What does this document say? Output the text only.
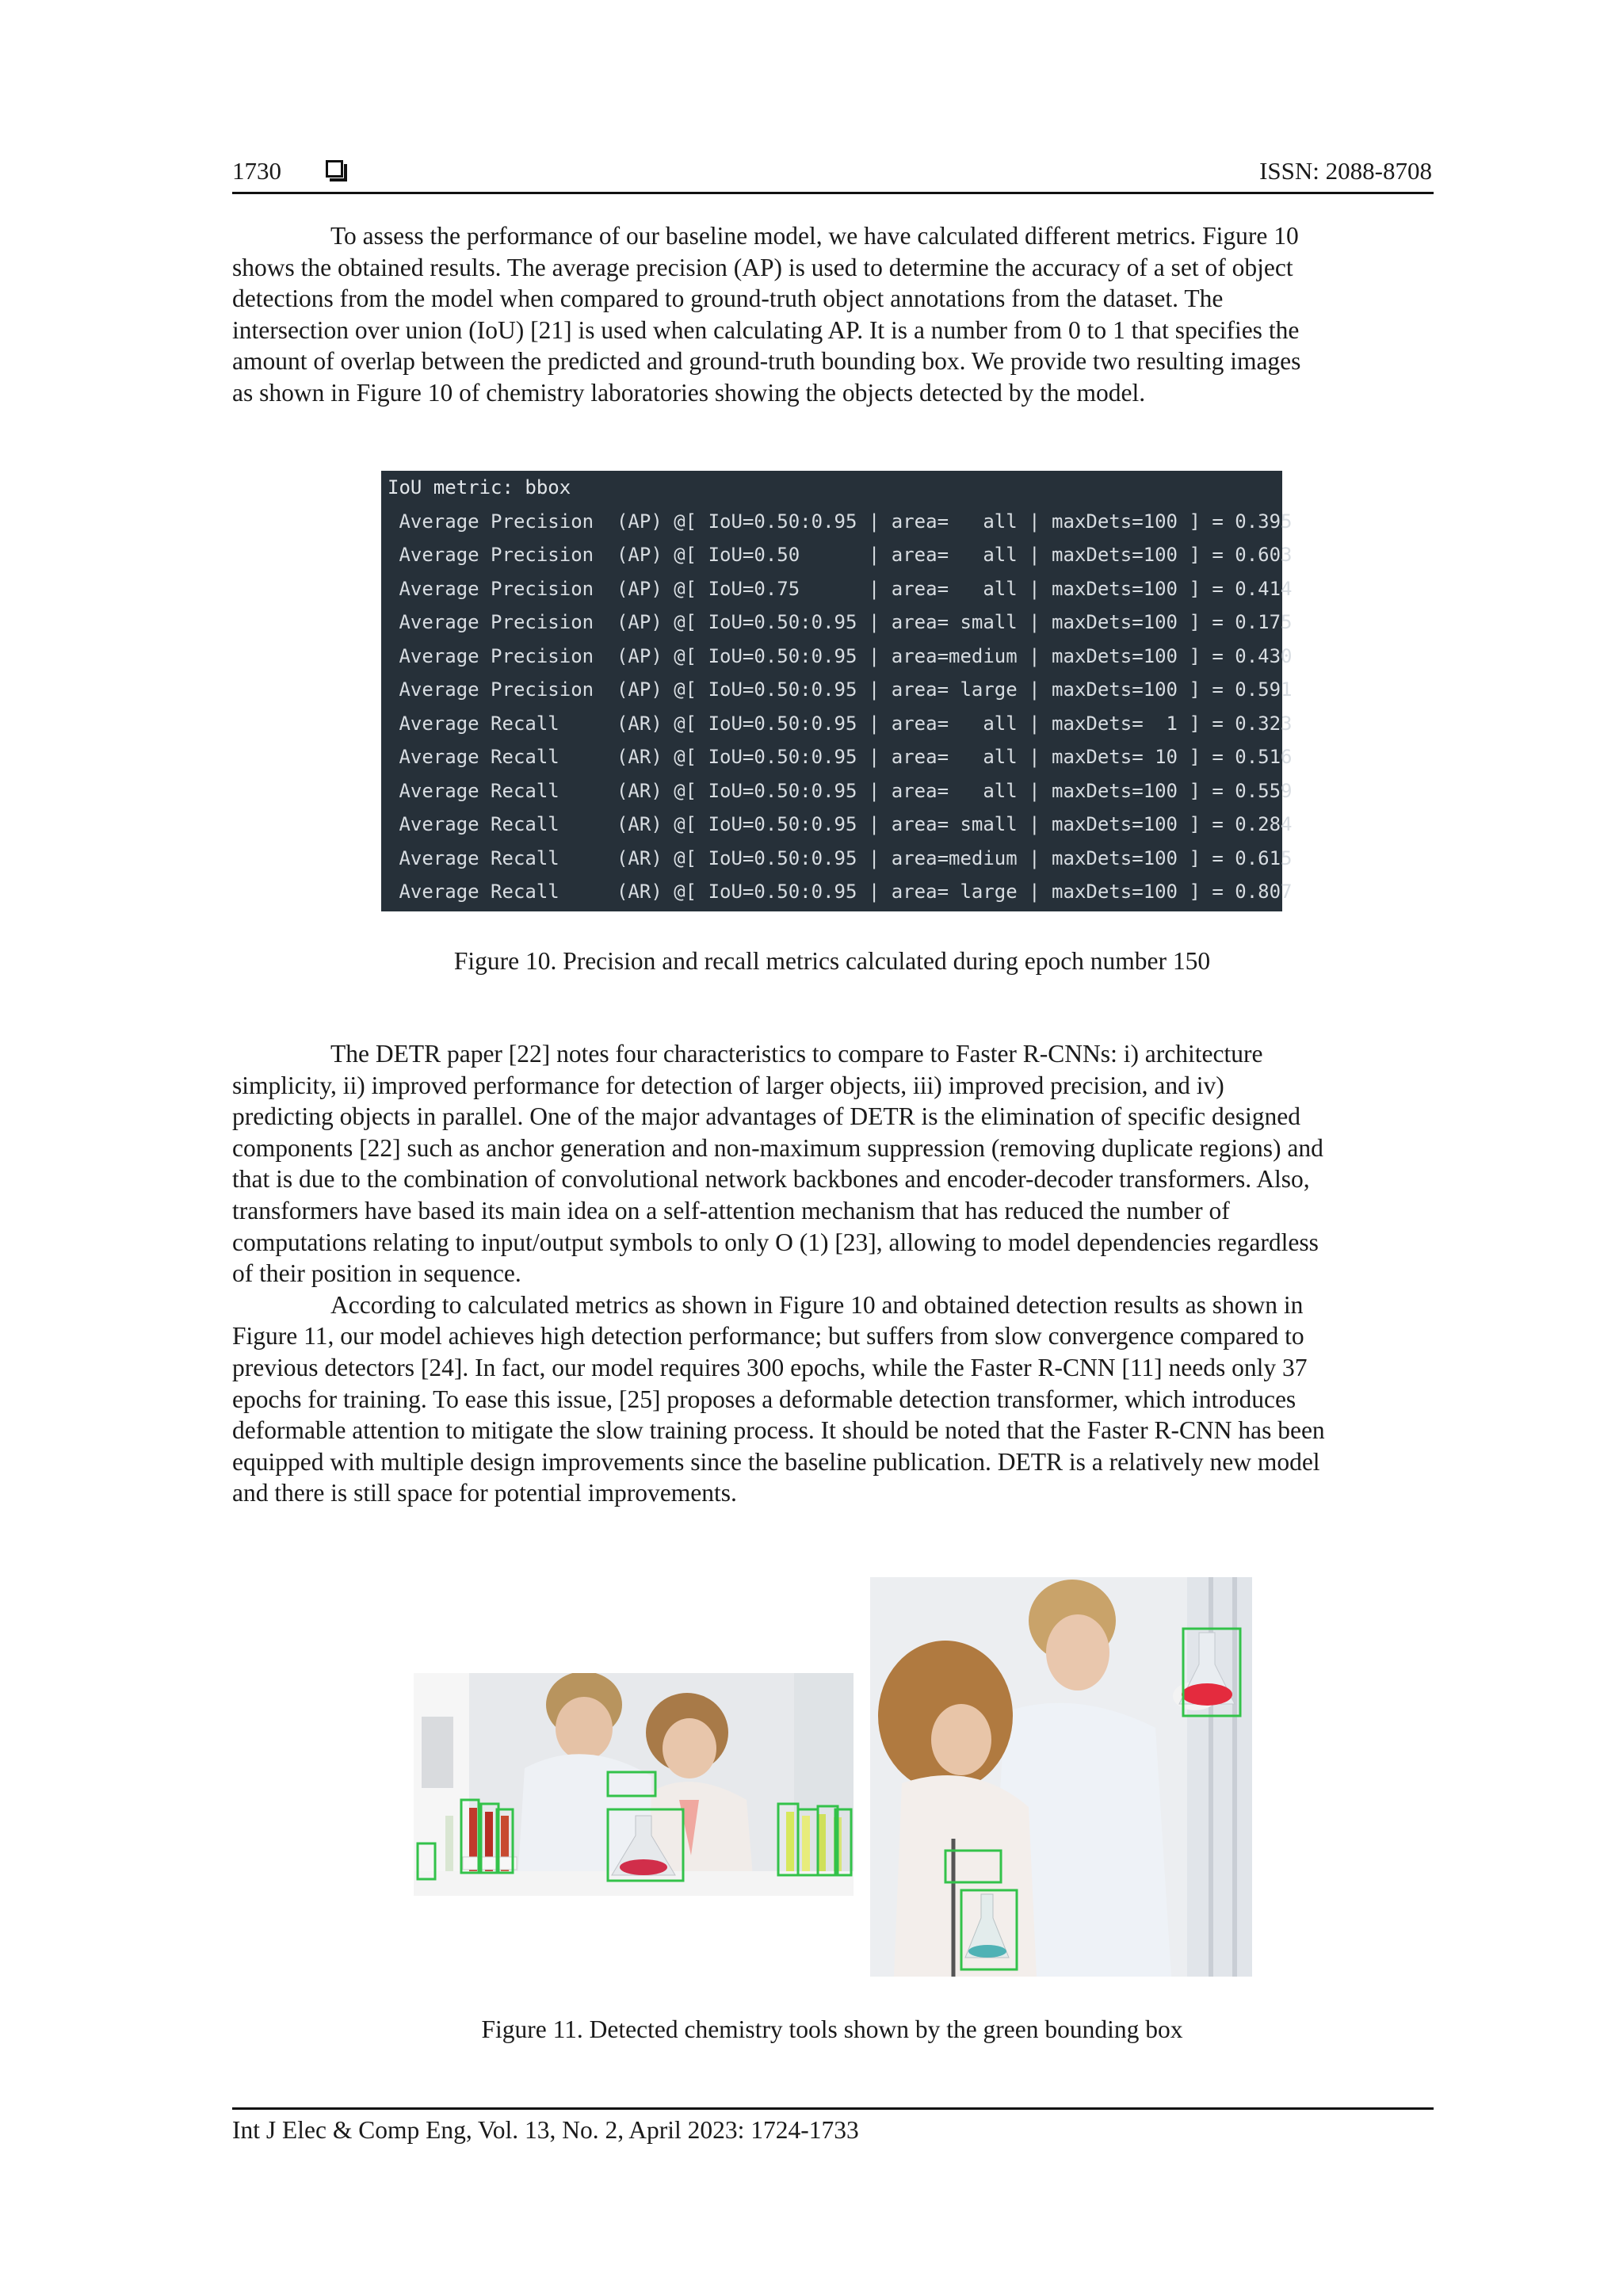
1730	ISSN: 2088-8708
To assess the performance of our baseline model, we have calculated different metrics. Figure 10
shows the obtained results. The average precision (AP) is used to determine the accuracy of a set of object
detections from the model when compared to ground-truth object annotations from the dataset. The
intersection over union (IoU) [21] is used when calculating AP. It is a number from 0 to 1 that specifies the
amount of overlap between the predicted and ground-truth bounding box. We provide two resulting images
as shown in Figure 10 of chemistry laboratories showing the objects detected by the model.
IoU metric: bbox
Average Precision  (AP) @[ IoU=0.50:0.95 | area=   all | maxDets=100 ] = 0.395
Average Precision  (AP) @[ IoU=0.50      | area=   all | maxDets=100 ] = 0.603
Average Precision  (AP) @[ IoU=0.75      | area=   all | maxDets=100 ] = 0.414
Average Precision  (AP) @[ IoU=0.50:0.95 | area= small | maxDets=100 ] = 0.175
Average Precision  (AP) @[ IoU=0.50:0.95 | area=medium | maxDets=100 ] = 0.430
Average Precision  (AP) @[ IoU=0.50:0.95 | area= large | maxDets=100 ] = 0.591
Average Recall     (AR) @[ IoU=0.50:0.95 | area=   all | maxDets=  1 ] = 0.323
Average Recall     (AR) @[ IoU=0.50:0.95 | area=   all | maxDets= 10 ] = 0.516
Average Recall     (AR) @[ IoU=0.50:0.95 | area=   all | maxDets=100 ] = 0.559
Average Recall     (AR) @[ IoU=0.50:0.95 | area= small | maxDets=100 ] = 0.284
Average Recall     (AR) @[ IoU=0.50:0.95 | area=medium | maxDets=100 ] = 0.615
Average Recall     (AR) @[ IoU=0.50:0.95 | area= large | maxDets=100 ] = 0.807
Figure 10. Precision and recall metrics calculated during epoch number 150
The DETR paper [22] notes four characteristics to compare to Faster R-CNNs: i) architecture
simplicity, ii) improved performance for detection of larger objects, iii) improved precision, and iv)
predicting objects in parallel. One of the major advantages of DETR is the elimination of specific designed
components [22] such as anchor generation and non-maximum suppression (removing duplicate regions) and
that is due to the combination of convolutional network backbones and encoder-decoder transformers. Also,
transformers have based its main idea on a self-attention mechanism that has reduced the number of
computations relating to input/output symbols to only O (1) [23], allowing to model dependencies regardless
of their position in sequence.
According to calculated metrics as shown in Figure 10 and obtained detection results as shown in
Figure 11, our model achieves high detection performance; but suffers from slow convergence compared to
previous detectors [24]. In fact, our model requires 300 epochs, while the Faster R-CNN [11] needs only 37
epochs for training. To ease this issue, [25] proposes a deformable detection transformer, which introduces
deformable attention to mitigate the slow training process. It should be noted that the Faster R-CNN has been
equipped with multiple design improvements since the baseline publication. DETR is a relatively new model
and there is still space for potential improvements.
Figure 11. Detected chemistry tools shown by the green bounding box
Int J Elec & Comp Eng, Vol. 13, No. 2, April 2023: 1724-1733
